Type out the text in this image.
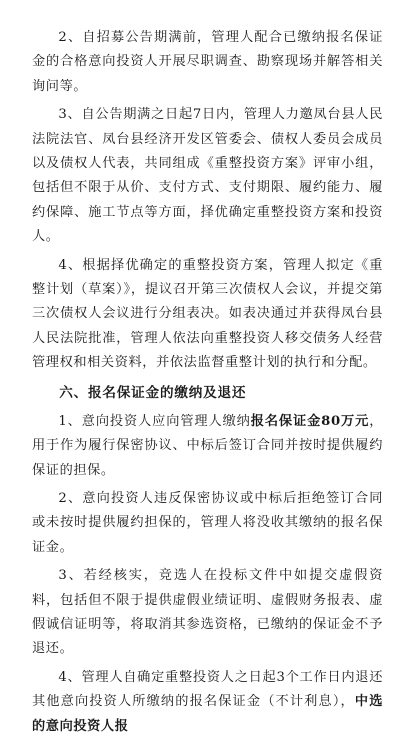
2、自招募公告期满前，管理人配合已缴纳报名保证金的合格意向投资人开展尽职调查、勘察现场并解答相关询问等。

3、自公告期满之日起7日内，管理人力邀凤台县人民法院法官、凤台县经济开发区管委会、债权人委员会成员以及债权人代表，共同组成《重整投资方案》评审小组，包括但不限于从价、支付方式、支付期限、履约能力、履约保障、施工节点等方面，择优确定重整投资方案和投资人。

4、根据择优确定的重整投资方案，管理人拟定《重整计划（草案）》，提议召开第三次债权人会议，并提交第三次债权人会议进行分组表决。如表决通过并获得凤台县人民法院批准，管理人依法向重整投资人移交债务人经营管理权和相关资料，并依法监督重整计划的执行和分配。

六、报名保证金的缴纳及退还

1、意向投资人应向管理人缴纳报名保证金80万元，用于作为履行保密协议、中标后签订合同并按时提供履约保证的担保。

2、意向投资人违反保密协议或中标后拒绝签订合同或未按时提供履约担保的，管理人将没收其缴纳的报名保证金。

3、若经核实，竞选人在投标文件中如提交虚假资料，包括但不限于提供虚假业绩证明、虚假财务报表、虚假诚信证明等，将取消其参选资格，已缴纳的保证金不予退还。

4、管理人自确定重整投资人之日起3个工作日内退还其他意向投资人所缴纳的报名保证金（不计利息），中选的意向投资人报
